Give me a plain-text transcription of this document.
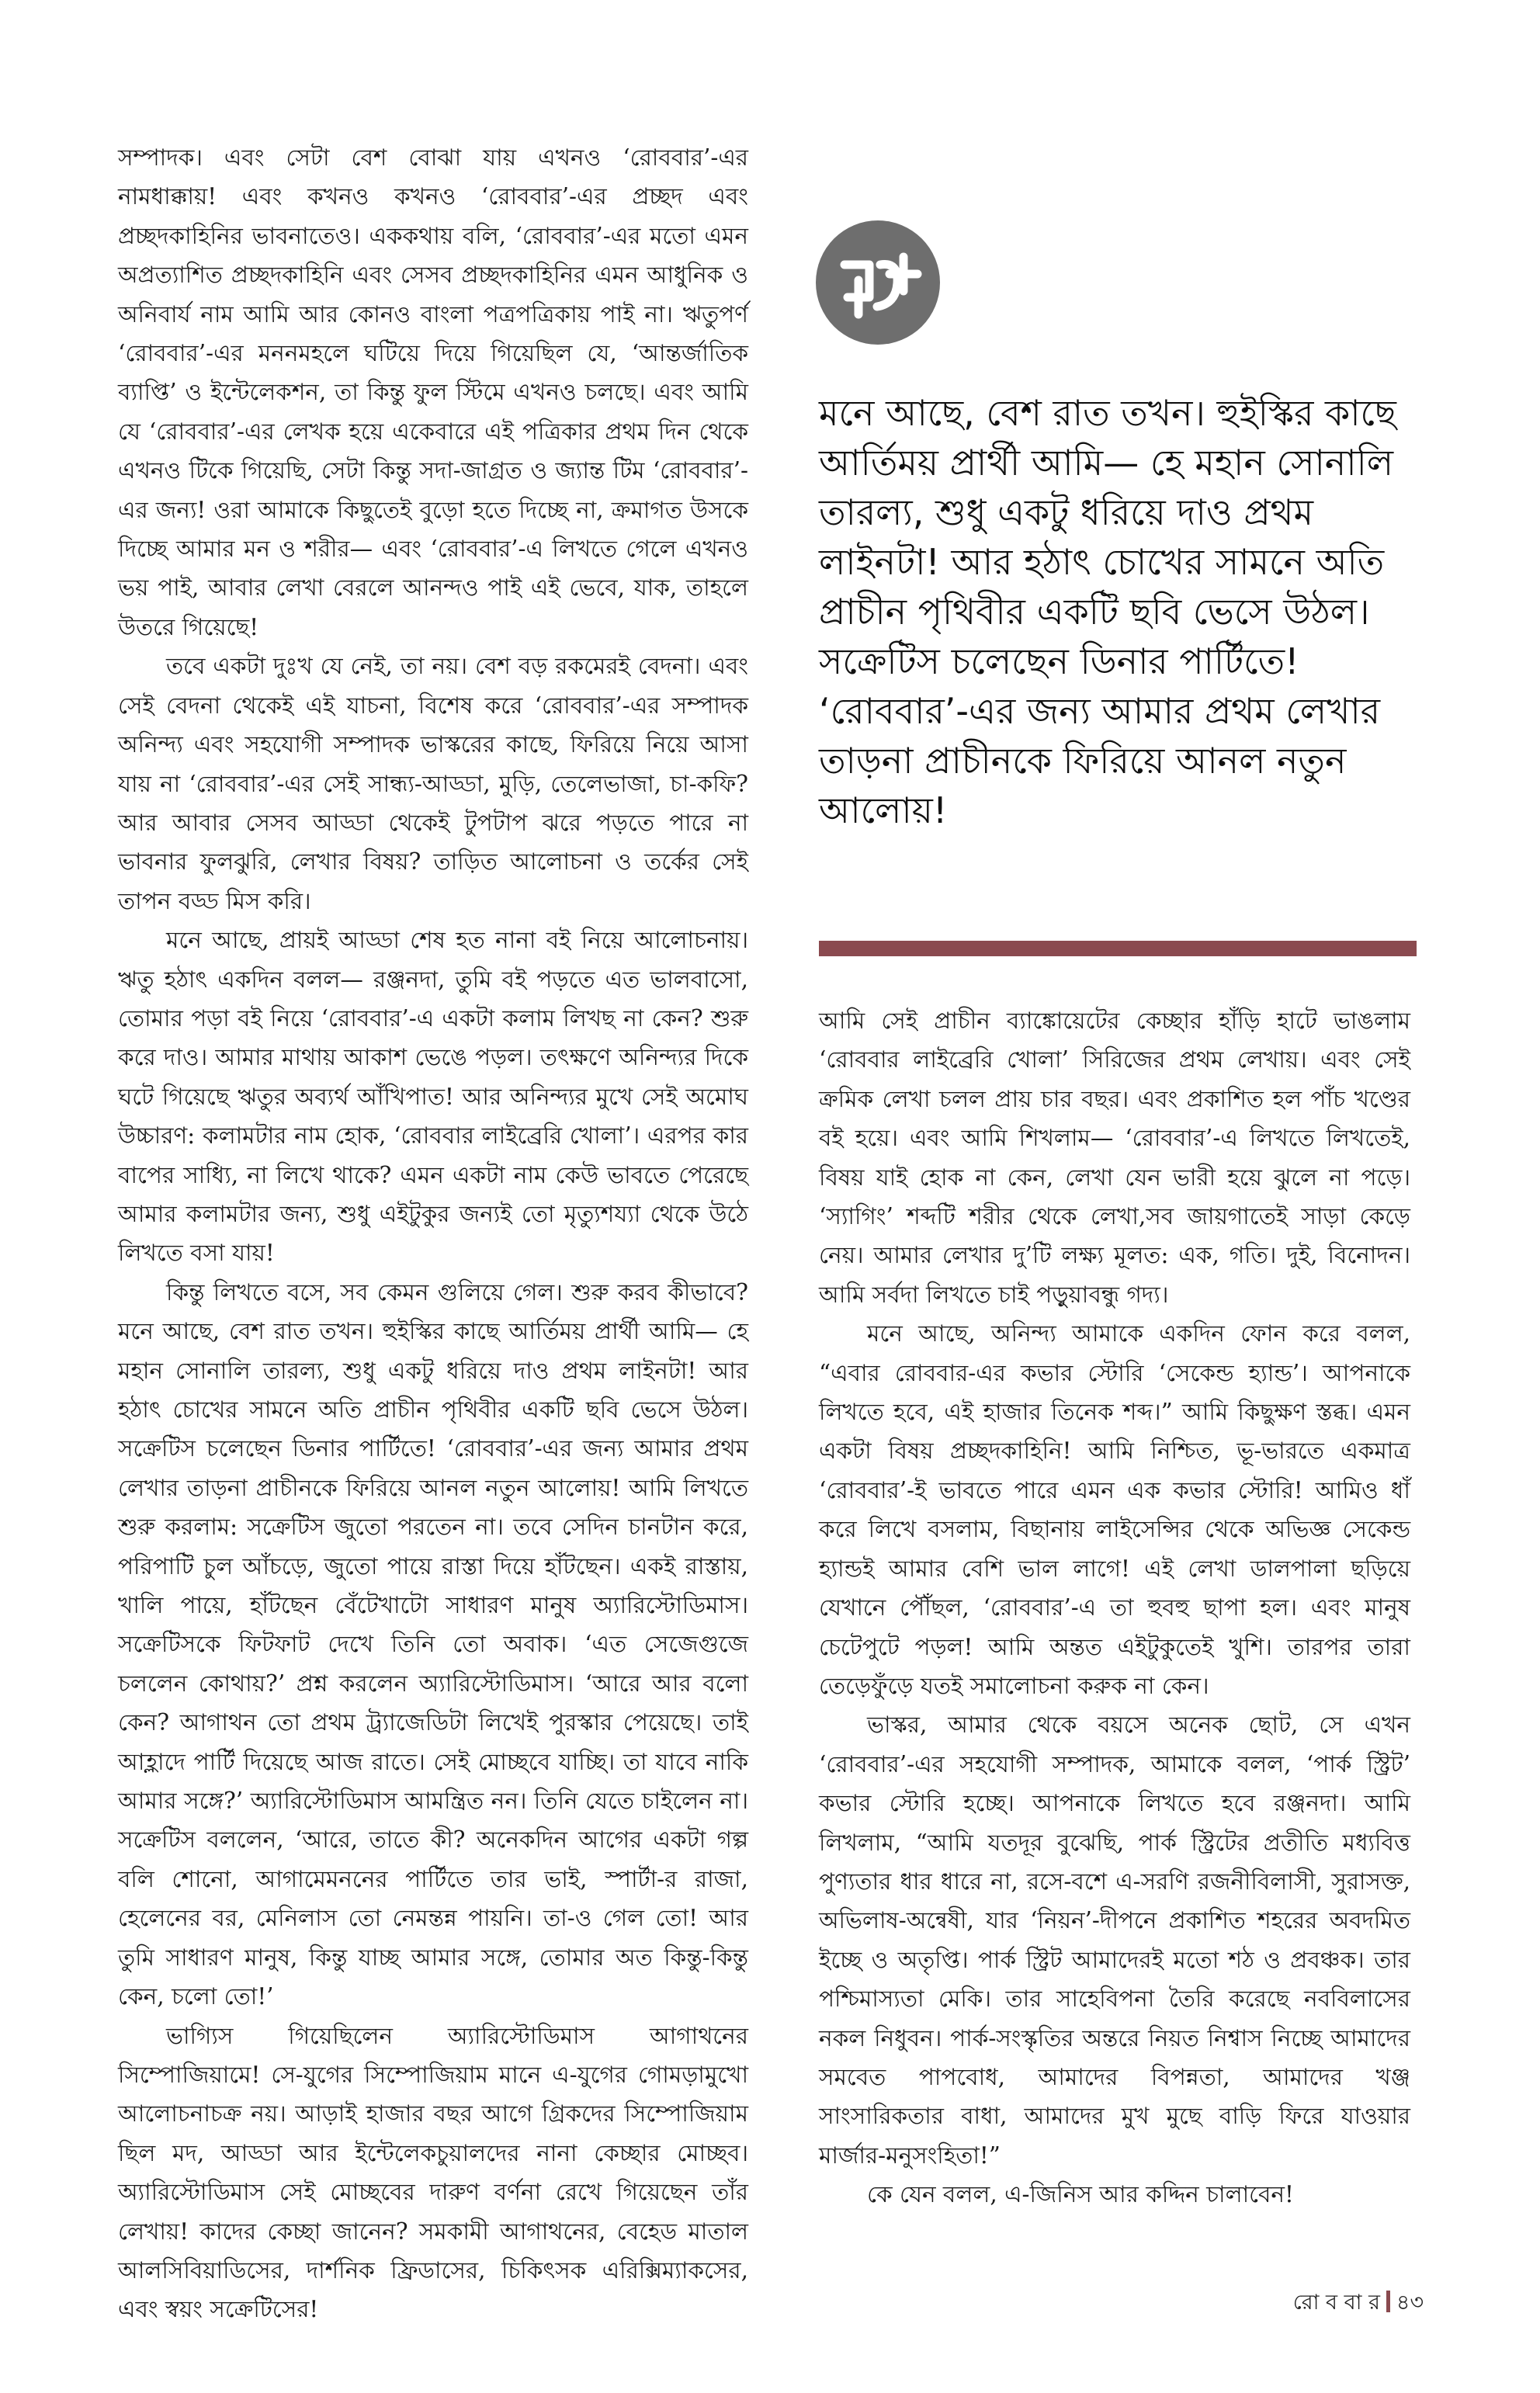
মনে আছে, বেশ রাত তখন। হুইস্কির কাছে আর্তিময় প্রার্থী আমি— হে মহান সোনালি তারল্য, শুধু একটু ধরিয়ে দাও প্রথম লাইনটা! আর হঠাৎ চোখের সামনে অতি প্রাচীন পৃথিবীর একটি ছবি ভেসে উঠল। সক্রেটিস চলেছেন ডিনার পার্টিতে! ‘রোববার’-এর জন্য আমার প্রথম লেখার তাড়না প্রাচীনকে ফিরিয়ে আনল নতুন আলোয়!

সম্পাদক। এবং সেটা বেশ বোঝা যায় এখনও ‘রোববার’-এর নামধাক্কায়! এবং কখনও কখনও ‘রোববার’-এর প্রচ্ছদ এবং প্রচ্ছদকাহিনির ভাবনাতেও। এককথায় বলি, ‘রোববার’-এর মতো এমন অপ্রত্যাশিত প্রচ্ছদকাহিনি এবং সেসব প্রচ্ছদকাহিনির এমন আধুনিক ও অনিবার্য নাম আমি আর কোনও বাংলা পত্রপত্রিকায় পাই না। ঋতুপর্ণ ‘রোববার’-এর মননমহলে ঘটিয়ে দিয়ে গিয়েছিল যে, ‘আন্তর্জাতিক ব্যাপ্তি’ ও ইন্টেলেকশন, তা কিন্তু ফুল স্টিমে এখনও চলছে। এবং আমি যে ‘রোববার’-এর লেখক হয়ে একেবারে এই পত্রিকার প্রথম দিন থেকে এখনও টিকে গিয়েছি, সেটা কিন্তু সদা-জাগ্রত ও জ্যান্ত টিম ‘রোববার’-এর জন্য! ওরা আমাকে কিছুতেই বুড়ো হতে দিচ্ছে না, ক্রমাগত উসকে দিচ্ছে আমার মন ও শরীর— এবং ‘রোববার’-এ লিখতে গেলে এখনও ভয় পাই, আবার লেখা বেরলে আনন্দও পাই এই ভেবে, যাক, তাহলে উতরে গিয়েছে!

তবে একটা দুঃখ যে নেই, তা নয়। বেশ বড় রকমেরই বেদনা। এবং সেই বেদনা থেকেই এই যাচনা, বিশেষ করে ‘রোববার’-এর সম্পাদক অনিন্দ্য এবং সহযোগী সম্পাদক ভাস্করের কাছে, ফিরিয়ে নিয়ে আসা যায় না ‘রোববার’-এর সেই সান্ধ্য-আড্ডা, মুড়ি, তেলেভাজা, চা-কফি? আর আবার সেসব আড্ডা থেকেই টুপটাপ ঝরে পড়তে পারে না ভাবনার ফুলঝুরি, লেখার বিষয়? তাড়িত আলোচনা ও তর্কের সেই তাপন বড্ড মিস করি।

মনে আছে, প্রায়ই আড্ডা শেষ হত নানা বই নিয়ে আলোচনায়। ঋতু হঠাৎ একদিন বলল— রঞ্জনদা, তুমি বই পড়তে এত ভালবাসো, তোমার পড়া বই নিয়ে ‘রোববার’-এ একটা কলাম লিখছ না কেন? শুরু করে দাও। আমার মাথায় আকাশ ভেঙে পড়ল। তৎক্ষণে অনিন্দ্যর দিকে ঘটে গিয়েছে ঋতুর অব্যর্থ আঁখিপাত! আর অনিন্দ্যর মুখে সেই অমোঘ উচ্চারণ: কলামটার নাম হোক, ‘রোববার লাইব্রেরি খোলা’। এরপর কার বাপের সাধ্যি, না লিখে থাকে? এমন একটা নাম কেউ ভাবতে পেরেছে আমার কলামটার জন্য, শুধু এইটুকুর জন্যই তো মৃত্যুশয্যা থেকে উঠে লিখতে বসা যায়!

কিন্তু লিখতে বসে, সব কেমন গুলিয়ে গেল। শুরু করব কীভাবে? মনে আছে, বেশ রাত তখন। হুইস্কির কাছে আর্তিময় প্রার্থী আমি— হে মহান সোনালি তারল্য, শুধু একটু ধরিয়ে দাও প্রথম লাইনটা! আর হঠাৎ চোখের সামনে অতি প্রাচীন পৃথিবীর একটি ছবি ভেসে উঠল। সক্রেটিস চলেছেন ডিনার পার্টিতে! ‘রোববার’-এর জন্য আমার প্রথম লেখার তাড়না প্রাচীনকে ফিরিয়ে আনল নতুন আলোয়! আমি লিখতে শুরু করলাম: সক্রেটিস জুতো পরতেন না। তবে সেদিন চানটান করে, পরিপাটি চুল আঁচড়ে, জুতো পায়ে রাস্তা দিয়ে হাঁটছেন। একই রাস্তায়, খালি পায়ে, হাঁটছেন বেঁটেখাটো সাধারণ মানুষ অ্যারিস্টোডিমাস। সক্রেটিসকে ফিটফাট দেখে তিনি তো অবাক। ‘এত সেজেগুজে চললেন কোথায়?’ প্রশ্ন করলেন অ্যারিস্টোডিমাস। ‘আরে আর বলো কেন? আগাথন তো প্রথম ট্র্যাজেডিটা লিখেই পুরস্কার পেয়েছে। তাই আহ্লাদে পার্টি দিয়েছে আজ রাতে। সেই মোচ্ছবে যাচ্ছি। তা যাবে নাকি আমার সঙ্গে?’ অ্যারিস্টোডিমাস আমন্ত্রিত নন। তিনি যেতে চাইলেন না। সক্রেটিস বললেন, ‘আরে, তাতে কী? অনেকদিন আগের একটা গল্প বলি শোনো, আগামেমননের পার্টিতে তার ভাই, স্পার্টা-র রাজা, হেলেনের বর, মেনিলাস তো নেমন্তন্ন পায়নি। তা-ও গেল তো! আর তুমি সাধারণ মানুষ, কিন্তু যাচ্ছ আমার সঙ্গে, তোমার অত কিন্তু-কিন্তু কেন, চলো তো!’

ভাগ্যিস গিয়েছিলেন অ্যারিস্টোডিমাস আগাথনের সিম্পোজিয়ামে! সে-যুগের সিম্পোজিয়াম মানে এ-যুগের গোমড়ামুখো আলোচনাচক্র নয়। আড়াই হাজার বছর আগে গ্রিকদের সিম্পোজিয়াম ছিল মদ, আড্ডা আর ইন্টেলেকচুয়ালদের নানা কেচ্ছার মোচ্ছব। অ্যারিস্টোডিমাস সেই মোচ্ছবের দারুণ বর্ণনা রেখে গিয়েছেন তাঁর লেখায়! কাদের কেচ্ছা জানেন? সমকামী আগাথনের, বেহেড মাতাল আলসিবিয়াডিসের, দার্শনিক ফ্রিডাসের, চিকিৎসক এরিক্সিম্যাকসের, এবং স্বয়ং সক্রেটিসের!

আমি সেই প্রাচীন ব্যাঙ্কোয়েটের কেচ্ছার হাঁড়ি হাটে ভাঙলাম ‘রোববার লাইব্রেরি খোলা’ সিরিজের প্রথম লেখায়। এবং সেই ক্রমিক লেখা চলল প্রায় চার বছর। এবং প্রকাশিত হল পাঁচ খণ্ডের বই হয়ে। এবং আমি শিখলাম— ‘রোববার’-এ লিখতে লিখতেই, বিষয় যাই হোক না কেন, লেখা যেন ভারী হয়ে ঝুলে না পড়ে। ‘স্যাগিং’ শব্দটি শরীর থেকে লেখা,সব জায়গাতেই সাড়া কেড়ে নেয়। আমার লেখার দু’টি লক্ষ্য মূলত: এক, গতি। দুই, বিনোদন। আমি সর্বদা লিখতে চাই পড়ুয়াবন্ধু গদ্য।

মনে আছে, অনিন্দ্য আমাকে একদিন ফোন করে বলল, “এবার রোববার-এর কভার স্টোরি ‘সেকেন্ড হ্যান্ড’। আপনাকে লিখতে হবে, এই হাজার তিনেক শব্দ।” আমি কিছুক্ষণ স্তব্ধ। এমন একটা বিষয় প্রচ্ছদকাহিনি! আমি নিশ্চিত, ভূ-ভারতে একমাত্র ‘রোববার’-ই ভাবতে পারে এমন এক কভার স্টোরি! আমিও ধাঁ করে লিখে বসলাম, বিছানায় লাইসেন্সির থেকে অভিজ্ঞ সেকেন্ড হ্যান্ডই আমার বেশি ভাল লাগে! এই লেখা ডালপালা ছড়িয়ে যেখানে পৌঁছল, ‘রোববার’-এ তা হুবহু ছাপা হল। এবং মানুষ চেটেপুটে পড়ল! আমি অন্তত এইটুকুতেই খুশি। তারপর তারা তেড়েফুঁড়ে যতই সমালোচনা করুক না কেন।

ভাস্কর, আমার থেকে বয়সে অনেক ছোট, সে এখন ‘রোববার’-এর সহযোগী সম্পাদক, আমাকে বলল, ‘পার্ক স্ট্রিট’ কভার স্টোরি হচ্ছে। আপনাকে লিখতে হবে রঞ্জনদা। আমি লিখলাম, “আমি যতদূর বুঝেছি, পার্ক স্ট্রিটের প্রতীতি মধ্যবিত্ত পুণ্যতার ধার ধারে না, রসে-বশে এ-সরণি রজনীবিলাসী, সুরাসক্ত, অভিলাষ-অন্বেষী, যার ‘নিয়ন’-দীপনে প্রকাশিত শহরের অবদমিত ইচ্ছে ও অতৃপ্তি। পার্ক স্ট্রিট আমাদেরই মতো শঠ ও প্রবঞ্চক। তার পশ্চিমাস্যতা মেকি। তার সাহেবিপনা তৈরি করেছে নববিলাসের নকল নিধুবন। পার্ক-সংস্কৃতির অন্তরে নিয়ত নিশ্বাস নিচ্ছে আমাদের সমবেত পাপবোধ, আমাদের বিপন্নতা, আমাদের খঞ্জ সাংসারিকতার বাধা, আমাদের মুখ মুছে বাড়ি ফিরে যাওয়ার মার্জার-মনুসংহিতা!”

কে যেন বলল, এ-জিনিস আর কদ্দিন চালাবেন!

রো ব বা র ৪৩
